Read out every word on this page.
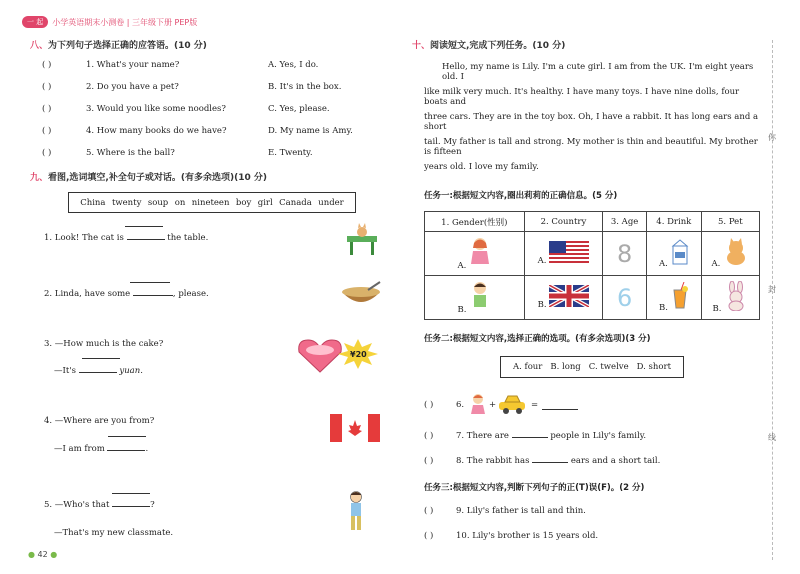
一 起	小学英语期末小测卷 | 三年级下册 PEP版
八、为下列句子选择正确的应答语。(10 分)
( )	1. What's your name?	A. Yes, I do.
( )	2. Do you have a pet?	B. It's in the box.
( )	3. Would you like some noodles?	C. Yes, please.
( )	4. How many books do we have?	D. My name is Amy.
( )	5. Where is the ball?	E. Twenty.
九、看图,选词填空,补全句子或对话。(有多余选项)(10 分)
China twenty soup on nineteen boy girl Canada under
1. Look! The cat is	the table.
2. Linda, have some	, please.
3. —How much is the cake?
—It's	yuan.
¥20
4. —Where are you from?
—I am from	.
5. —Who's that	?
—That's my new classmate.
十、阅读短文,完成下列任务。(10 分)
Hello, my name is Lily. I'm a cute girl. I am from the UK. I'm eight years old. I
like milk very much. It's healthy. I have many toys. I have nine dolls, four boats and
three cars. They are in the toy box. Oh, I have a rabbit. It has long ears and a short
tail. My father is tall and strong. My mother is thin and beautiful. My brother is fifteen
years old. I love my family.
任务一:根据短文内容,圈出莉莉的正确信息。(5 分)
1. Gender(性别)	2. Country	3. Age	4. Drink	5. Pet
A.	A.	8	A.	A.
B.	B.	6	B.	B.
任务二:根据短文内容,选择正确的选项。(有多余选项)(3 分)
A. four B. long C. twelve D. short
( )	6.	+	=
( )	7. There are	people in Lily's family.
( )	8. The rabbit has	ears and a short tail.
任务三:根据短文内容,判断下列句子的正(T)误(F)。(2 分)
( )	9. Lily's father is tall and thin.
( )	10. Lily's brother is 15 years old.
● 42 ●
你
封
线
